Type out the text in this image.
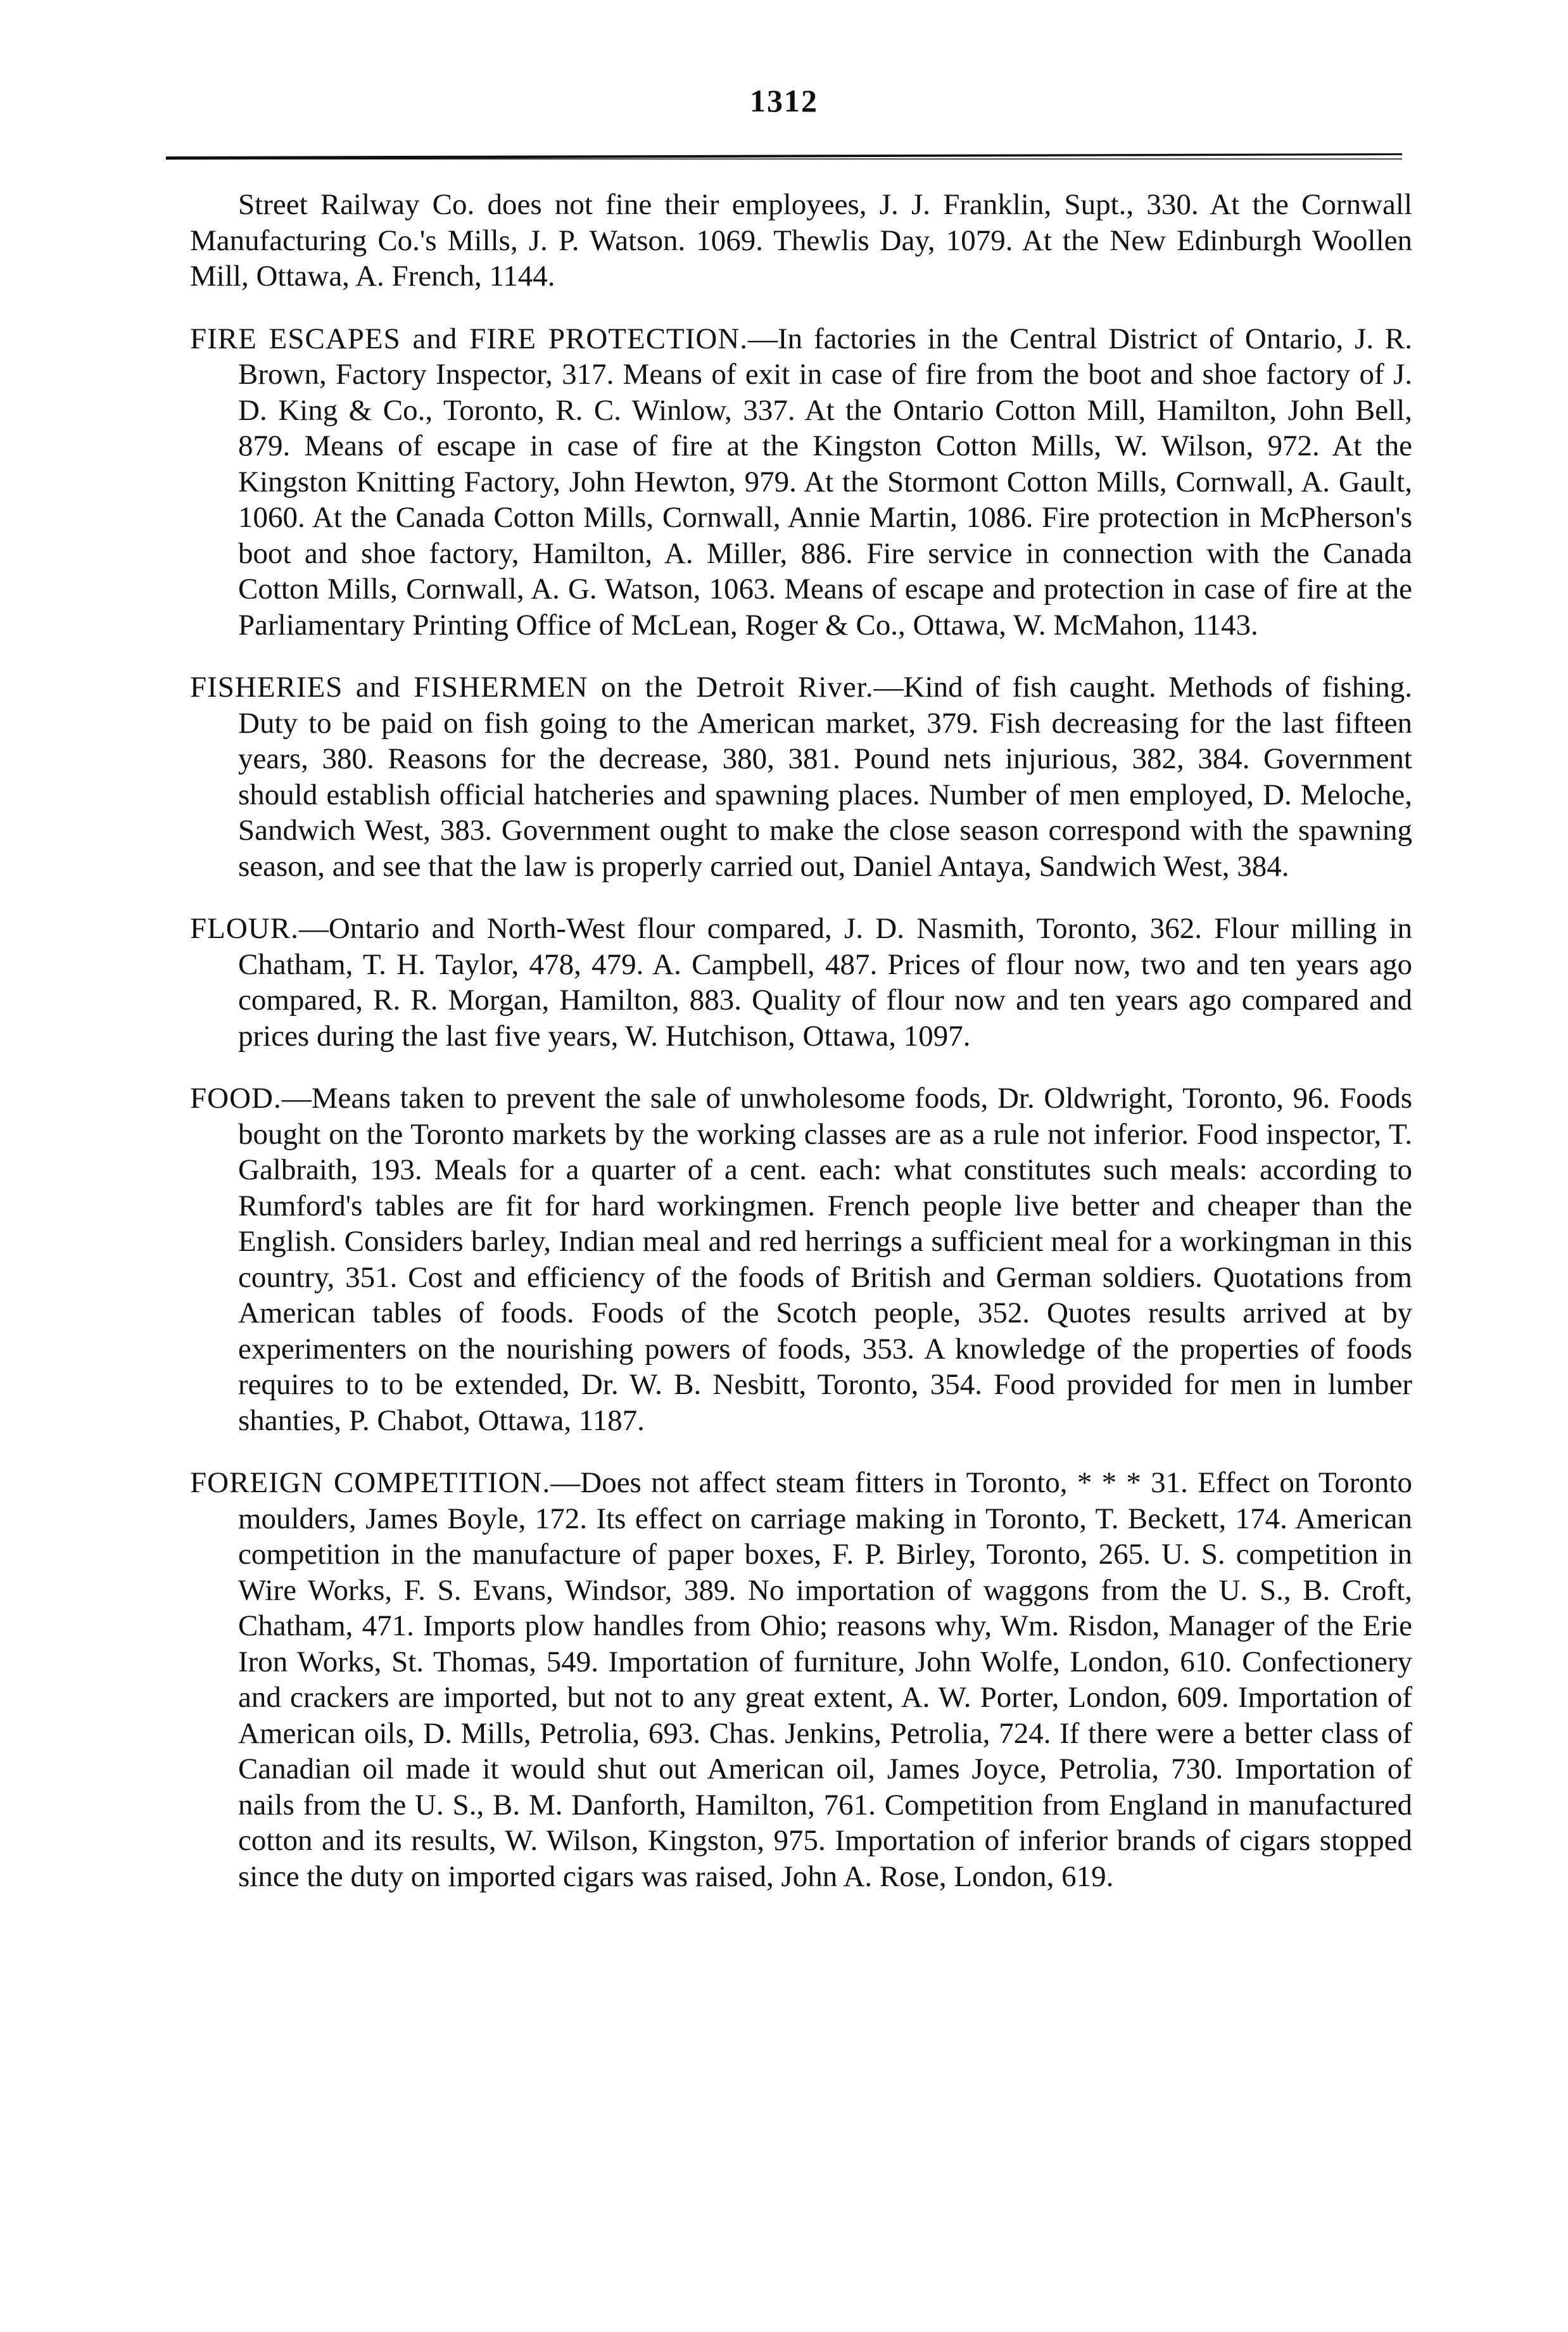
1312

Street Railway Co. does not fine their employees, J. J. Franklin, Supt., 330. At the Cornwall Manufacturing Co.'s Mills, J. P. Watson. 1069. Thewlis Day, 1079. At the New Edinburgh Woollen Mill, Ottawa, A. French, 1144.

FIRE ESCAPES and FIRE PROTECTION.—In factories in the Central District of Ontario, J. R. Brown, Factory Inspector, 317. Means of exit in case of fire from the boot and shoe factory of J. D. King & Co., Toronto, R. C. Winlow, 337. At the Ontario Cotton Mill, Hamilton, John Bell, 879. Means of escape in case of fire at the Kingston Cotton Mills, W. Wilson, 972. At the Kingston Knitting Factory, John Hewton, 979. At the Stormont Cotton Mills, Cornwall, A. Gault, 1060. At the Canada Cotton Mills, Cornwall, Annie Martin, 1086. Fire protection in McPherson's boot and shoe factory, Hamilton, A. Miller, 886. Fire service in connection with the Canada Cotton Mills, Cornwall, A. G. Watson, 1063. Means of escape and protection in case of fire at the Parliamentary Printing Office of McLean, Roger & Co., Ottawa, W. McMahon, 1143.

FISHERIES and FISHERMEN on the Detroit River.—Kind of fish caught. Methods of fishing. Duty to be paid on fish going to the American market, 379. Fish decreasing for the last fifteen years, 380. Reasons for the decrease, 380, 381. Pound nets injurious, 382, 384. Government should establish official hatcheries and spawning places. Number of men employed, D. Meloche, Sandwich West, 383. Government ought to make the close season correspond with the spawning season, and see that the law is properly carried out, Daniel Antaya, Sandwich West, 384.

FLOUR.—Ontario and North-West flour compared, J. D. Nasmith, Toronto, 362. Flour milling in Chatham, T. H. Taylor, 478, 479. A. Campbell, 487. Prices of flour now, two and ten years ago compared, R. R. Morgan, Hamilton, 883. Quality of flour now and ten years ago compared and prices during the last five years, W. Hutchison, Ottawa, 1097.

FOOD.—Means taken to prevent the sale of unwholesome foods, Dr. Oldwright, Toronto, 96. Foods bought on the Toronto markets by the working classes are as a rule not inferior. Food inspector, T. Galbraith, 193. Meals for a quarter of a cent. each: what constitutes such meals: according to Rumford's tables are fit for hard workingmen. French people live better and cheaper than the English. Considers barley, Indian meal and red herrings a sufficient meal for a workingman in this country, 351. Cost and efficiency of the foods of British and German soldiers. Quotations from American tables of foods. Foods of the Scotch people, 352. Quotes results arrived at by experimenters on the nourishing powers of foods, 353. A knowledge of the properties of foods requires to to be extended, Dr. W. B. Nesbitt, Toronto, 354. Food provided for men in lumber shanties, P. Chabot, Ottawa, 1187.

FOREIGN COMPETITION.—Does not affect steam fitters in Toronto, * * * 31. Effect on Toronto moulders, James Boyle, 172. Its effect on carriage making in Toronto, T. Beckett, 174. American competition in the manufacture of paper boxes, F. P. Birley, Toronto, 265. U. S. competition in Wire Works, F. S. Evans, Windsor, 389. No importation of waggons from the U. S., B. Croft, Chatham, 471. Imports plow handles from Ohio; reasons why, Wm. Risdon, Manager of the Erie Iron Works, St. Thomas, 549. Importation of furniture, John Wolfe, London, 610. Confectionery and crackers are imported, but not to any great extent, A. W. Porter, London, 609. Importation of American oils, D. Mills, Petrolia, 693. Chas. Jenkins, Petrolia, 724. If there were a better class of Canadian oil made it would shut out American oil, James Joyce, Petrolia, 730. Importation of nails from the U. S., B. M. Danforth, Hamilton, 761. Competition from England in manufactured cotton and its results, W. Wilson, Kingston, 975. Importation of inferior brands of cigars stopped since the duty on imported cigars was raised, John A. Rose, London, 619.
